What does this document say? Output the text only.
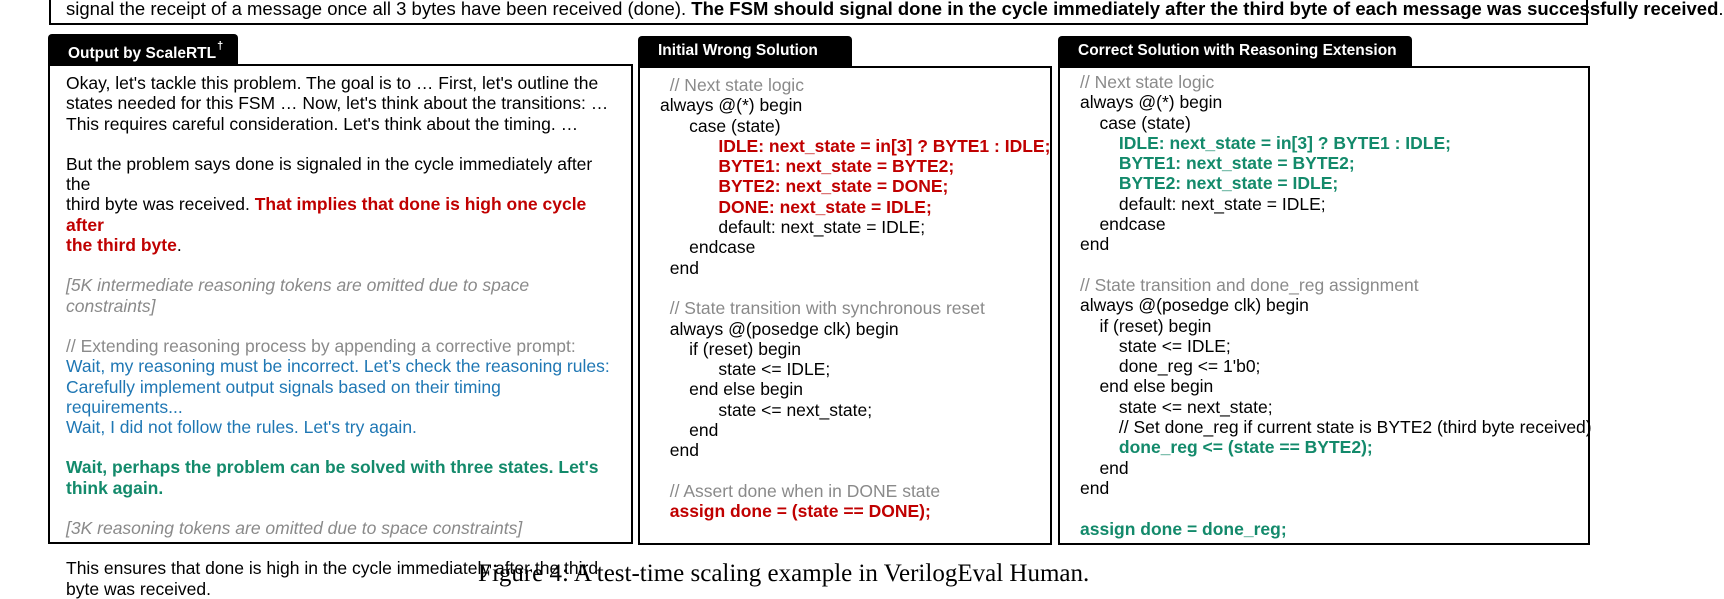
signal the receipt of a message once all 3 bytes have been received (done). The FSM should signal done in the cycle immediately after the third byte of each message was successfully received.
Output by ScaleRTL†
Okay, let's tackle this problem. The goal is to … First, let's outline the
states needed for this FSM … Now, let's think about the transitions: …
This requires careful consideration. Let's think about the timing. …
But the problem says done is signaled in the cycle immediately after the
third byte was received. That implies that done is high one cycle after
the third byte.
[5K intermediate reasoning tokens are omitted due to space constraints]
// Extending reasoning process by appending a corrective prompt:
Wait, my reasoning must be incorrect. Let’s check the reasoning rules:
Carefully implement output signals based on their timing requirements...
Wait, I did not follow the rules. Let's try again.
Wait, perhaps the problem can be solved with three states. Let's
think again.
[3K reasoning tokens are omitted due to space constraints]
This ensures that done is high in the cycle immediately after the third
byte was received.
Initial Wrong Solution
// Next state logic
always @(*) begin
case (state)
IDLE: next_state = in[3] ? BYTE1 : IDLE;
BYTE1: next_state = BYTE2;
BYTE2: next_state = DONE;
DONE: next_state = IDLE;
default: next_state = IDLE;
endcase
end
// State transition with synchronous reset
always @(posedge clk) begin
if (reset) begin
state <= IDLE;
end else begin
state <= next_state;
end
end
// Assert done when in DONE state
assign done = (state == DONE);
Correct Solution with Reasoning Extension
// Next state logic
always @(*) begin
case (state)
IDLE: next_state = in[3] ? BYTE1 : IDLE;
BYTE1: next_state = BYTE2;
BYTE2: next_state = IDLE;
default: next_state = IDLE;
endcase
end
// State transition and done_reg assignment
always @(posedge clk) begin
if (reset) begin
state <= IDLE;
done_reg <= 1'b0;
end else begin
state <= next_state;
// Set done_reg if current state is BYTE2 (third byte received)
done_reg <= (state == BYTE2);
end
end
assign done = done_reg;
Figure 4: A test-time scaling example in VerilogEval Human.
